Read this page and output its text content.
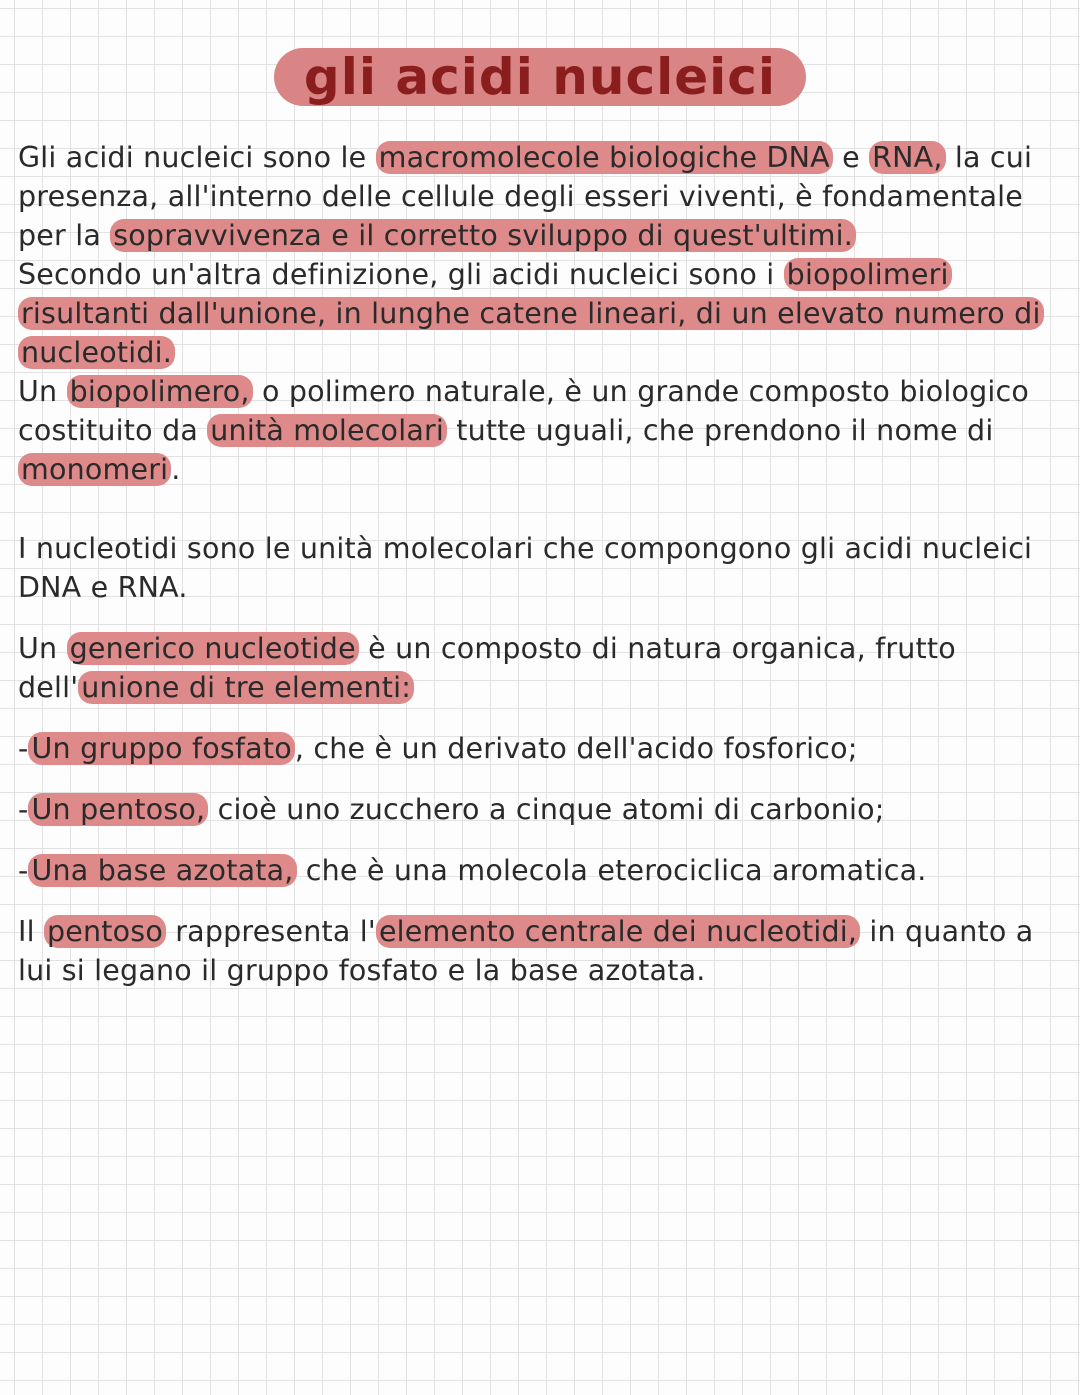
gli acidi nucleici

Gli acidi nucleici sono le macromolecole biologiche DNA e RNA, la cui presenza, all'interno delle cellule degli esseri viventi, è fondamentale per la sopravvivenza e il corretto sviluppo di quest'ultimi.

Secondo un'altra definizione, gli acidi nucleici sono i biopolimeri risultanti dall'unione, in lunghe catene lineari, di un elevato numero di nucleotidi.

Un biopolimero, o polimero naturale, è un grande composto biologico costituito da unità molecolari tutte uguali, che prendono il nome di monomeri .

I nucleotidi sono le unità molecolari che compongono gli acidi nucleici DNA e RNA.

Un generico nucleotide è un composto di natura organica, frutto dell' unione di tre elementi:

- Un gruppo fosfato , che è un derivato dell'acido fosforico;

- Un pentoso, cioè uno zucchero a cinque atomi di carbonio;

- Una base azotata, che è una molecola eterociclica aromatica.

Il pentoso rappresenta l' elemento centrale dei nucleotidi, in quanto a lui si legano il gruppo fosfato e la base azotata.
